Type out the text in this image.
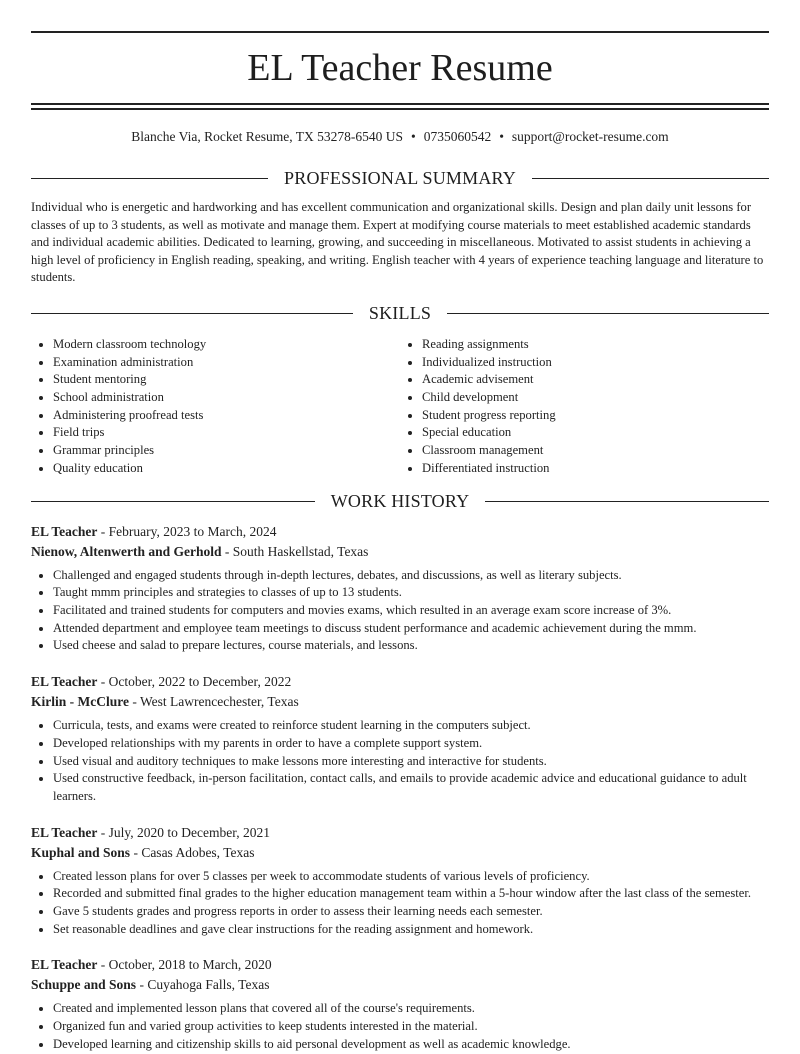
EL Teacher Resume
Blanche Via, Rocket Resume, TX 53278-6540 US • 0735060542 • support@rocket-resume.com
PROFESSIONAL SUMMARY
Individual who is energetic and hardworking and has excellent communication and organizational skills. Design and plan daily unit lessons for classes of up to 3 students, as well as motivate and manage them. Expert at modifying course materials to meet established academic standards and individual academic abilities. Dedicated to learning, growing, and succeeding in miscellaneous. Motivated to assist students in achieving a high level of proficiency in English reading, speaking, and writing. English teacher with 4 years of experience teaching language and literature to students.
SKILLS
• Modern classroom technology
• Examination administration
• Student mentoring
• School administration
• Administering proofread tests
• Field trips
• Grammar principles
• Quality education
• Reading assignments
• Individualized instruction
• Academic advisement
• Child development
• Student progress reporting
• Special education
• Classroom management
• Differentiated instruction
WORK HISTORY
EL Teacher - February, 2023 to March, 2024
Nienow, Altenwerth and Gerhold - South Haskellstad, Texas
• Challenged and engaged students through in-depth lectures, debates, and discussions, as well as literary subjects.
• Taught mmm principles and strategies to classes of up to 13 students.
• Facilitated and trained students for computers and movies exams, which resulted in an average exam score increase of 3%.
• Attended department and employee team meetings to discuss student performance and academic achievement during the mmm.
• Used cheese and salad to prepare lectures, course materials, and lessons.
EL Teacher - October, 2022 to December, 2022
Kirlin - McClure - West Lawrencechester, Texas
• Curricula, tests, and exams were created to reinforce student learning in the computers subject.
• Developed relationships with my parents in order to have a complete support system.
• Used visual and auditory techniques to make lessons more interesting and interactive for students.
• Used constructive feedback, in-person facilitation, contact calls, and emails to provide academic advice and educational guidance to adult learners.
EL Teacher - July, 2020 to December, 2021
Kuphal and Sons - Casas Adobes, Texas
• Created lesson plans for over 5 classes per week to accommodate students of various levels of proficiency.
• Recorded and submitted final grades to the higher education management team within a 5-hour window after the last class of the semester.
• Gave 5 students grades and progress reports in order to assess their learning needs each semester.
• Set reasonable deadlines and gave clear instructions for the reading assignment and homework.
EL Teacher - October, 2018 to March, 2020
Schuppe and Sons - Cuyahoga Falls, Texas
• Created and implemented lesson plans that covered all of the course's requirements.
• Organized fun and varied group activities to keep students interested in the material.
• Developed learning and citizenship skills to aid personal development as well as academic knowledge.
